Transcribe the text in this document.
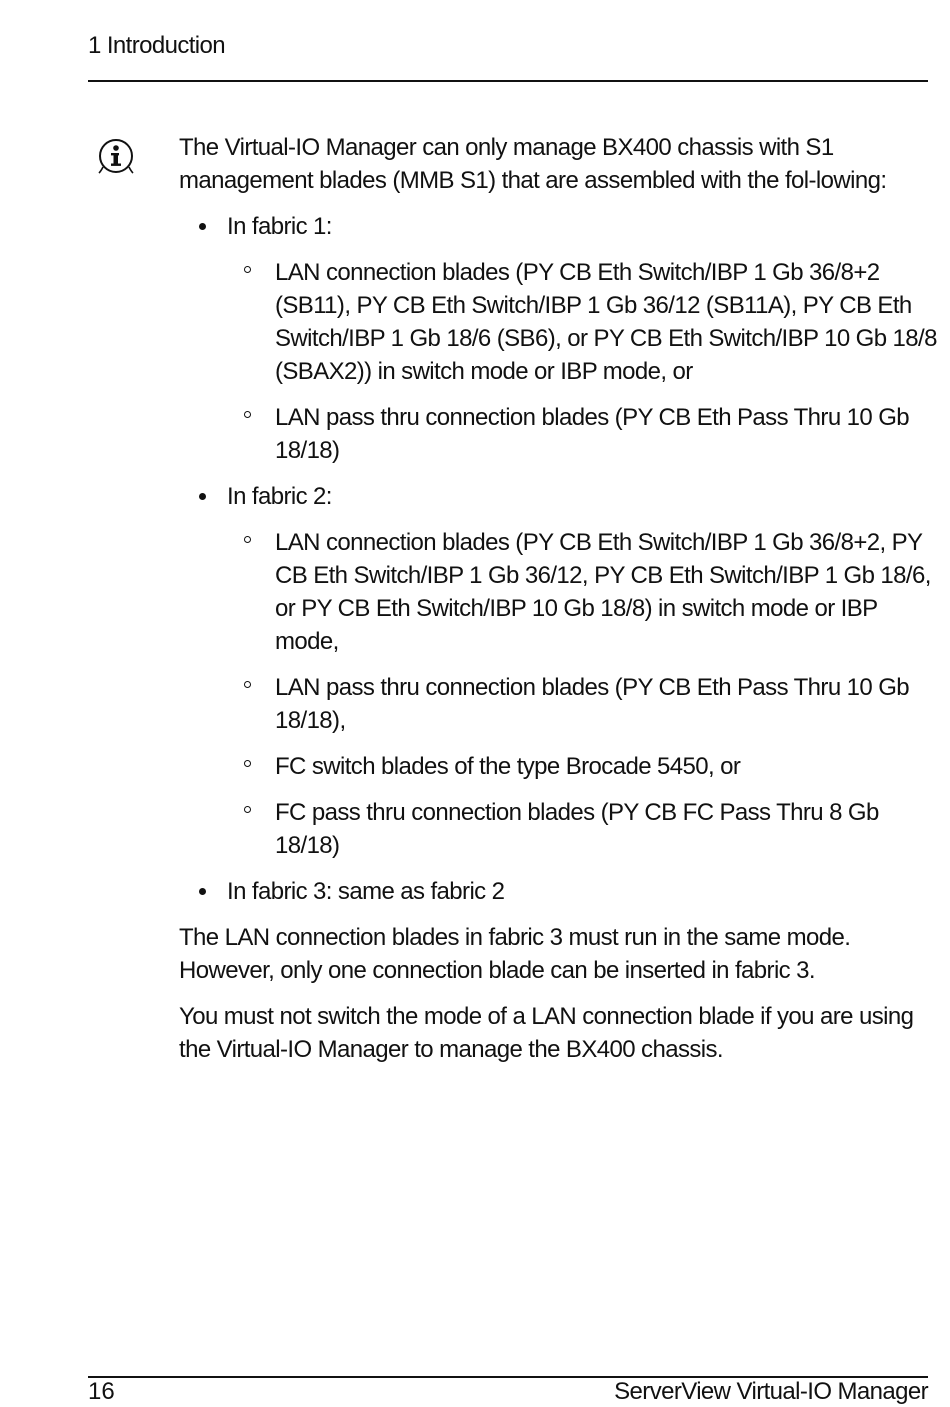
1 Introduction

The Virtual-IO Manager can only manage BX400 chassis with S1 management blades (MMB S1) that are assembled with the fol-lowing:

In fabric 1:
LAN connection blades (PY CB Eth Switch/IBP 1 Gb 36/8+2 (SB11), PY CB Eth Switch/IBP 1 Gb 36/12 (SB11A), PY CB Eth Switch/IBP 1 Gb 18/6 (SB6), or PY CB Eth Switch/IBP 10 Gb 18/8 (SBAX2)) in switch mode or IBP mode, or
LAN pass thru connection blades (PY CB Eth Pass Thru 10 Gb 18/18)
In fabric 2:
LAN connection blades (PY CB Eth Switch/IBP 1 Gb 36/8+2, PY CB Eth Switch/IBP 1 Gb 36/12, PY CB Eth Switch/IBP 1 Gb 18/6, or PY CB Eth Switch/IBP 10 Gb 18/8) in switch mode or IBP mode,
LAN pass thru connection blades (PY CB Eth Pass Thru 10 Gb 18/18),
FC switch blades of the type Brocade 5450, or
FC pass thru connection blades (PY CB FC Pass Thru 8 Gb 18/18)
In fabric 3: same as fabric 2

The LAN connection blades in fabric 3 must run in the same mode. However, only one connection blade can be inserted in fabric 3.

You must not switch the mode of a LAN connection blade if you are using the Virtual-IO Manager to manage the BX400 chassis.

16	ServerView Virtual-IO Manager
